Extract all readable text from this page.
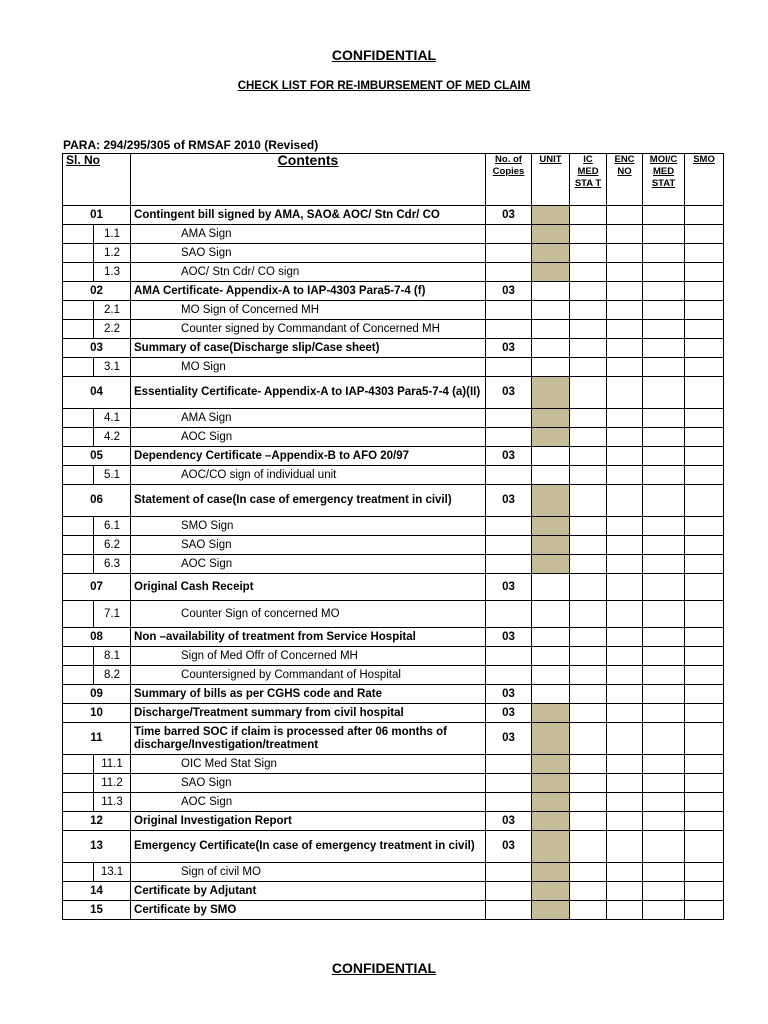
CONFIDENTIAL
CHECK LIST FOR RE-IMBURSEMENT OF MED CLAIM
PARA: 294/295/305 of RMSAF 2010 (Revised)
Sl. No		Contents	No. of Copies	UNIT	IC MED STA T	ENC NO	MOI/C MED STAT	SMO
01		Contingent bill signed by AMA, SAO& AOC/ Stn Cdr/ CO	03					
	1.1	AMA Sign						
	1.2	SAO Sign						
	1.3	AOC/ Stn Cdr/ CO sign						
02		AMA Certificate- Appendix-A to IAP-4303 Para5-7-4 (f)	03					
	2.1	MO Sign of Concerned MH						
	2.2	Counter signed by Commandant of Concerned MH						
03		Summary of case(Discharge slip/Case sheet)	03					
	3.1	MO Sign						
04		Essentiality Certificate- Appendix-A to IAP-4303 Para5-7-4 (a)(II)	03					
	4.1	AMA Sign						
	4.2	AOC Sign						
05		Dependency Certificate –Appendix-B to AFO 20/97	03					
	5.1	AOC/CO sign of individual unit						
06		Statement of case(In case of emergency treatment in civil)	03					
	6.1	SMO Sign						
	6.2	SAO Sign						
	6.3	AOC Sign						
07		Original Cash Receipt	03					
	7.1	Counter Sign of concerned MO						
08		Non –availability of treatment from Service Hospital	03					
	8.1	Sign of Med Offr of Concerned MH						
	8.2	Countersigned by Commandant of Hospital						
09		Summary of bills as per CGHS code and Rate	03					
10		Discharge/Treatment summary from civil hospital	03					
11		Time barred SOC if claim is processed after 06 months of discharge/Investigation/treatment	03					
	11.1	OIC Med Stat Sign						
	11.2	SAO Sign						
	11.3	AOC Sign						
12		Original Investigation Report	03					
13		Emergency Certificate(In case of emergency treatment in civil)	03					
	13.1	Sign of civil MO						
14		Certificate by Adjutant						
15		Certificate by SMO						
CONFIDENTIAL
